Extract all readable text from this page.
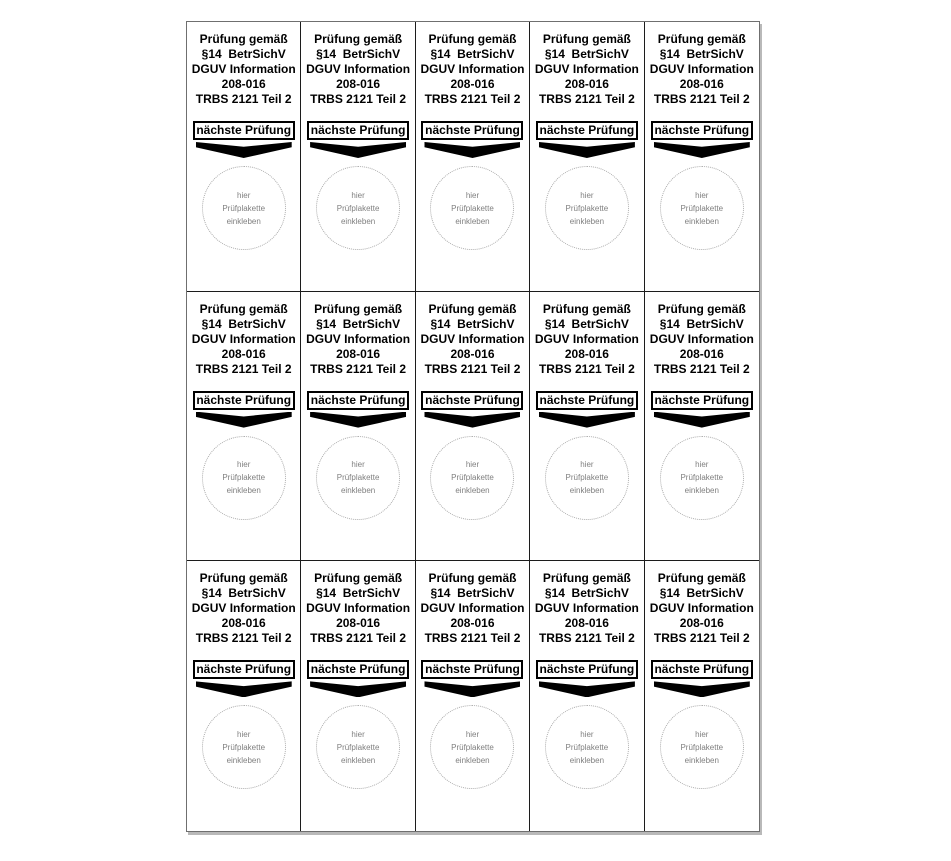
Prüfung gemäß
§14  BetrSichV
DGUV Information
208-016
TRBS 2121 Teil 2
nächste Prüfung
hier
Prüfplakette
einkleben
Prüfung gemäß
§14  BetrSichV
DGUV Information
208-016
TRBS 2121 Teil 2
nächste Prüfung
hier
Prüfplakette
einkleben
Prüfung gemäß
§14  BetrSichV
DGUV Information
208-016
TRBS 2121 Teil 2
nächste Prüfung
hier
Prüfplakette
einkleben
Prüfung gemäß
§14  BetrSichV
DGUV Information
208-016
TRBS 2121 Teil 2
nächste Prüfung
hier
Prüfplakette
einkleben
Prüfung gemäß
§14  BetrSichV
DGUV Information
208-016
TRBS 2121 Teil 2
nächste Prüfung
hier
Prüfplakette
einkleben
Prüfung gemäß
§14  BetrSichV
DGUV Information
208-016
TRBS 2121 Teil 2
nächste Prüfung
hier
Prüfplakette
einkleben
Prüfung gemäß
§14  BetrSichV
DGUV Information
208-016
TRBS 2121 Teil 2
nächste Prüfung
hier
Prüfplakette
einkleben
Prüfung gemäß
§14  BetrSichV
DGUV Information
208-016
TRBS 2121 Teil 2
nächste Prüfung
hier
Prüfplakette
einkleben
Prüfung gemäß
§14  BetrSichV
DGUV Information
208-016
TRBS 2121 Teil 2
nächste Prüfung
hier
Prüfplakette
einkleben
Prüfung gemäß
§14  BetrSichV
DGUV Information
208-016
TRBS 2121 Teil 2
nächste Prüfung
hier
Prüfplakette
einkleben
Prüfung gemäß
§14  BetrSichV
DGUV Information
208-016
TRBS 2121 Teil 2
nächste Prüfung
hier
Prüfplakette
einkleben
Prüfung gemäß
§14  BetrSichV
DGUV Information
208-016
TRBS 2121 Teil 2
nächste Prüfung
hier
Prüfplakette
einkleben
Prüfung gemäß
§14  BetrSichV
DGUV Information
208-016
TRBS 2121 Teil 2
nächste Prüfung
hier
Prüfplakette
einkleben
Prüfung gemäß
§14  BetrSichV
DGUV Information
208-016
TRBS 2121 Teil 2
nächste Prüfung
hier
Prüfplakette
einkleben
Prüfung gemäß
§14  BetrSichV
DGUV Information
208-016
TRBS 2121 Teil 2
nächste Prüfung
hier
Prüfplakette
einkleben
